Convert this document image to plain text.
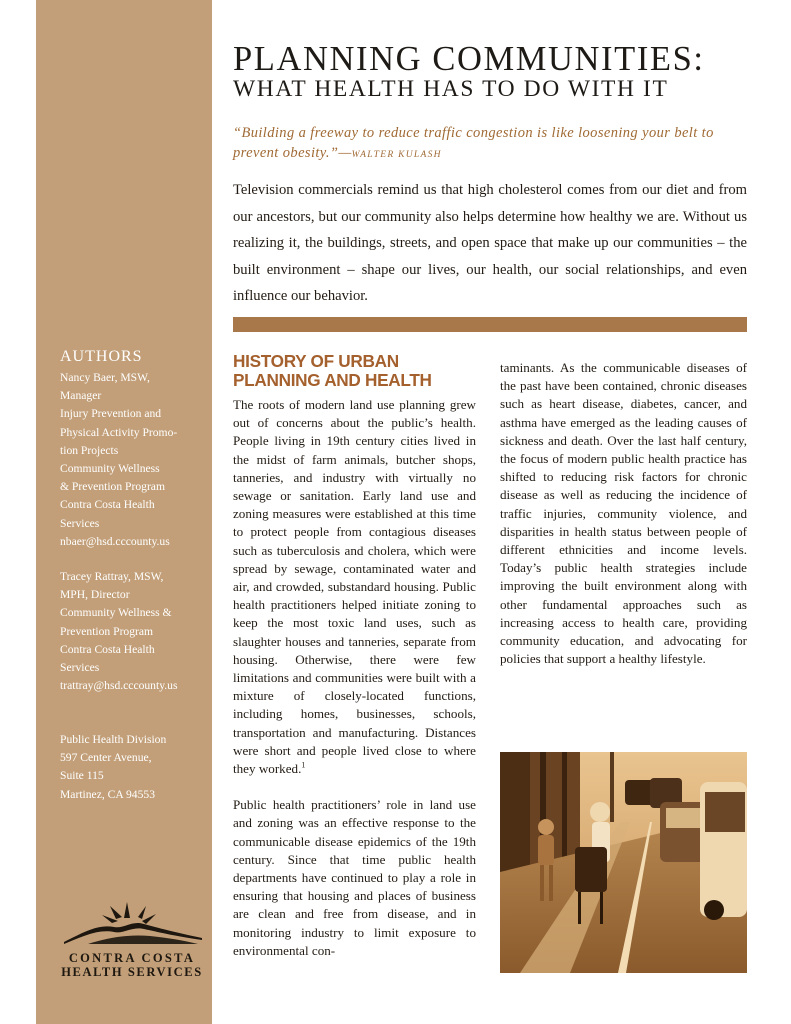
AUTHORS
Nancy Baer, MSW,
Manager
Injury Prevention and
Physical Activity Promo-
tion Projects
Community Wellness
& Prevention Program
Contra Costa Health
Services
nbaer@hsd.cccounty.us
Tracey Rattray, MSW,
MPH, Director
Community Wellness &
Prevention Program
Contra Costa Health
Services
trattray@hsd.cccounty.us
Public Health Division
597 Center Avenue,
Suite 115
Martinez, CA 94553
CONTRA COSTA
HEALTH SERVICES
PLANNING COMMUNITIES:
WHAT HEALTH HAS TO DO WITH IT
“Building a freeway to reduce traffic congestion is like loosening your belt to prevent obesity.”—WALTER KULASH
Television commercials remind us that high cholesterol comes from our diet and from our ancestors, but our community also helps determine how healthy we are. Without us realizing it, the buildings, streets, and open space that make up our communities – the built environment – shape our lives, our health, our social relationships, and even influence our behavior.
HISTORY OF URBAN PLANNING AND HEALTH

The roots of modern land use planning grew out of concerns about the public’s health. People living in 19th century cities lived in the midst of farm animals, butcher shops, tanneries, and industry with virtually no sewage or sanitation. Early land use and zoning measures were established at this time to protect people from contagious diseases such as tuberculosis and cholera, which were spread by sewage, contaminated water and air, and crowded, substandard housing. Public health practitioners helped initiate zoning to keep the most toxic land uses, such as slaughter houses and tanneries, separate from housing. Otherwise, there were few limitations and communities were built with a mixture of closely-located functions, including homes, businesses, schools, transportation and manufacturing. Distances were short and people lived close to where they worked.$^1$

Public health practitioners’ role in land use and zoning was an effective response to the communicable disease epidemics of the 19th century. Since that time public health departments have continued to play a role in ensuring that housing and places of business are clean and free from disease, and in monitoring industry to limit exposure to environmental con-

taminants. As the communicable diseases of the past have been contained, chronic diseases such as heart disease, diabetes, cancer, and asthma have emerged as the leading causes of sickness and death. Over the last half century, the focus of modern public health practice has shifted to reducing risk factors for chronic disease as well as reducing the incidence of traffic injuries, community violence, and disparities in health status between people of different ethnicities and income levels. Today’s public health strategies include improving the built environment along with other fundamental approaches such as increasing access to health care, providing community education, and advocating for policies that support a healthy lifestyle.
